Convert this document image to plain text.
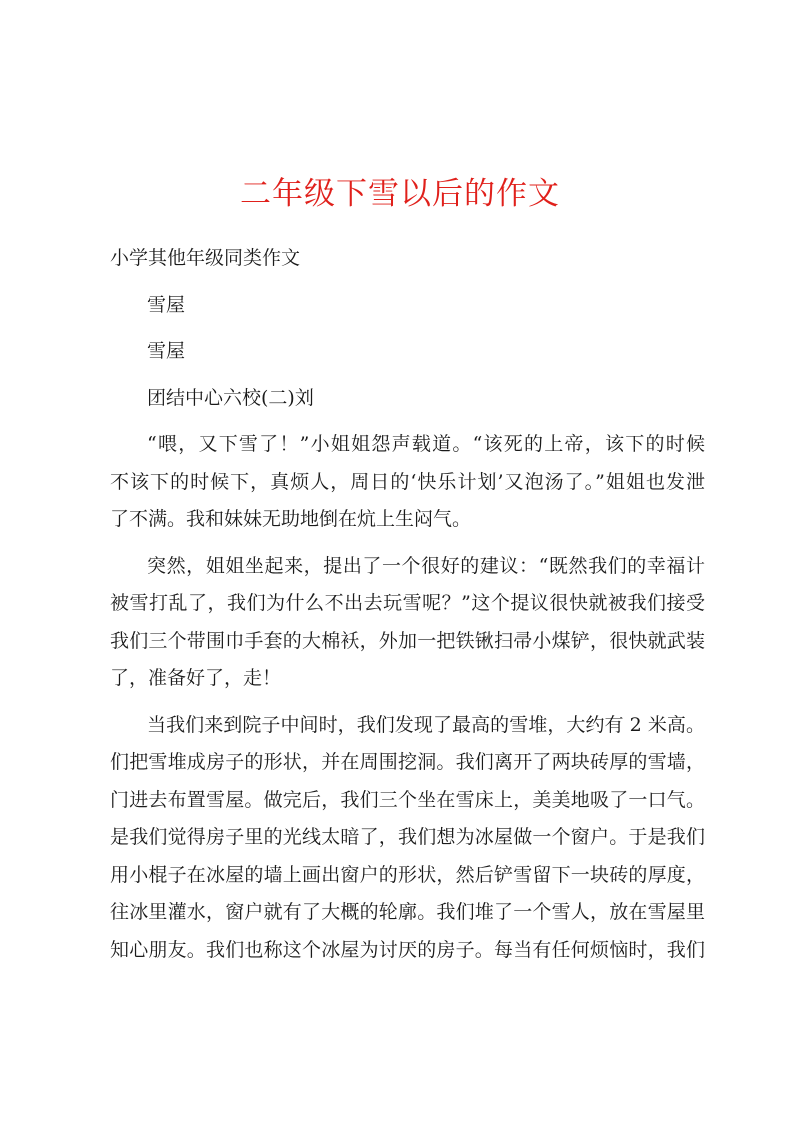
二年级下雪以后的作文
小学其他年级同类作文
雪屋
雪屋
团结中心六校(二)刘
“喂，又下雪了！”小姐姐怨声载道。“该死的上帝，该下的时候
不该下的时候下，真烦人，周日的‘快乐计划’又泡汤了。”姐姐也发泄
了不满。我和妹妹无助地倒在炕上生闷气。
突然，姐姐坐起来，提出了一个很好的建议：“既然我们的幸福计
被雪打乱了，我们为什么不出去玩雪呢？”这个提议很快就被我们接受
我们三个带围巾手套的大棉袄，外加一把铁锹扫帚小煤铲，很快就武装
了，准备好了，走！
当我们来到院子中间时，我们发现了最高的雪堆，大约有 2 米高。
们把雪堆成房子的形状，并在周围挖洞。我们离开了两块砖厚的雪墙，
门进去布置雪屋。做完后，我们三个坐在雪床上，美美地吸了一口气。
是我们觉得房子里的光线太暗了，我们想为冰屋做一个窗户。于是我们
用小棍子在冰屋的墙上画出窗户的形状，然后铲雪留下一块砖的厚度，
往冰里灌水，窗户就有了大概的轮廓。我们堆了一个雪人，放在雪屋里
知心朋友。我们也称这个冰屋为讨厌的房子。每当有任何烦恼时，我们
